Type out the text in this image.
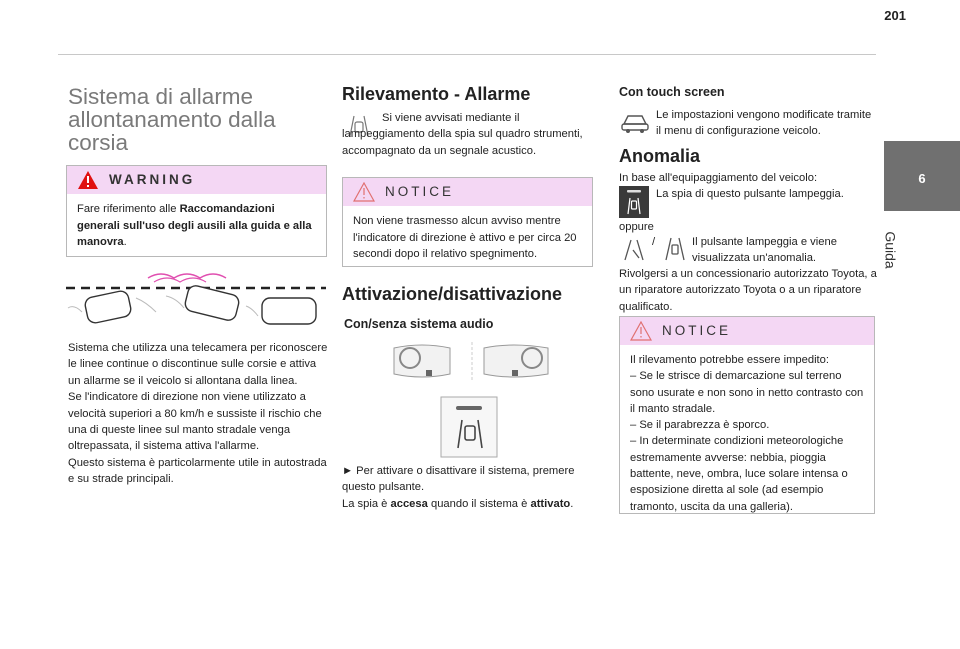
201
6
Guida
Sistema di allarme allontanamento dalla corsia
WARNING
Fare riferimento alle Raccomandazioni generali sull'uso degli ausili alla guida e alla manovra.
Sistema che utilizza una telecamera per riconoscere le linee continue o discontinue sulle corsie e attiva un allarme se il veicolo si allontana dalla linea.
Se l'indicatore di direzione non viene utilizzato a velocità superiori a 80 km/h e sussiste il rischio che una di queste linee sul manto stradale venga oltrepassata, il sistema attiva l'allarme.
Questo sistema è particolarmente utile in autostrada e su strade principali.
Rilevamento - Allarme
Si viene avvisati mediante il lampeggiamento della spia sul quadro strumenti, accompagnato da un segnale acustico.
NOTICE
Non viene trasmesso alcun avviso mentre l'indicatore di direzione è attivo e per circa 20 secondi dopo il relativo spegnimento.
Attivazione/disattivazione
Con/senza sistema audio
► Per attivare o disattivare il sistema, premere questo pulsante.
La spia è accesa quando il sistema è attivato.
Con touch screen
Le impostazioni vengono modificate tramite il menu di configurazione veicolo.
Anomalia
In base all'equipaggiamento del veicolo:
La spia di questo pulsante lampeggia.
oppure
/	Il pulsante lampeggia e viene visualizzata un'anomalia.
Rivolgersi a un concessionario autorizzato Toyota, a un riparatore autorizzato Toyota o a un riparatore qualificato.
NOTICE
Il rilevamento potrebbe essere impedito:
– Se le strisce di demarcazione sul terreno sono usurate e non sono in netto contrasto con il manto stradale.
– Se il parabrezza è sporco.
– In determinate condizioni meteorologiche estremamente avverse: nebbia, pioggia battente, neve, ombra, luce solare intensa o esposizione diretta al sole (ad esempio tramonto, uscita da una galleria).
